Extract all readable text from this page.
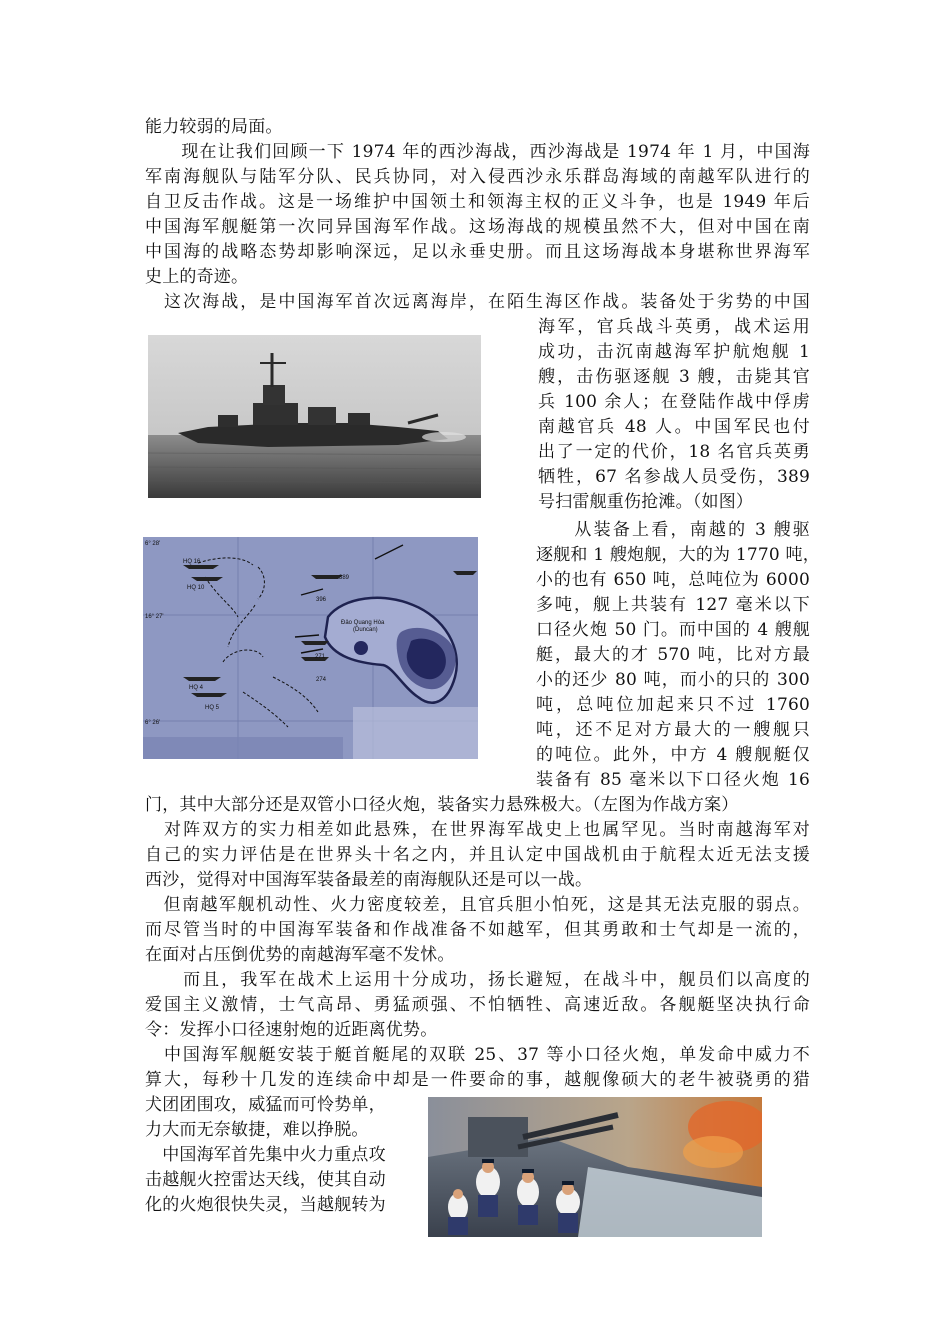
能力较弱的局面。
　　现在让我们回顾一下 1974 年的西沙海战，西沙海战是 1974 年 1 月，中国海
军南海舰队与陆军分队、民兵协同，对入侵西沙永乐群岛海域的南越军队进行的
自卫反击作战。这是一场维护中国领土和领海主权的正义斗争，也是 1949 年后
中国海军舰艇第一次同异国海军作战。这场海战的规模虽然不大，但对中国在南
中国海的战略态势却影响深远，足以永垂史册。而且这场海战本身堪称世界海军
史上的奇迹。
　这次海战，是中国海军首次远离海岸，在陌生海区作战。装备处于劣势的中国
海军，官兵战斗英勇，战术运用
成功，击沉南越海军护航炮舰 1
艘，击伤驱逐舰 3 艘，击毙其官
兵 100 余人；在登陆作战中俘虏
南越官兵 48 人。中国军民也付
出了一定的代价，18 名官兵英勇
牺牲，67 名参战人员受伤，389
号扫雷舰重伤抢滩。（如图）
Đảo Quang Hòa
(Duncan)
HQ 16
HQ 10
HQ 4
HQ 5
389
396
271
274
6° 28'
16° 27'
6° 26'
　　从装备上看，南越的 3 艘驱
逐舰和 1 艘炮舰，大的为 1770 吨，
小的也有 650 吨，总吨位为 6000
多吨，舰上共装有 127 毫米以下
口径火炮 50 门。而中国的 4 艘舰
艇，最大的才 570 吨，比对方最
小的还少 80 吨，而小的只的 300
吨，总吨位加起来只不过 1760
吨，还不足对方最大的一艘舰只
的吨位。此外，中方 4 艘舰艇仅
装备有 85 毫米以下口径火炮 16
门，其中大部分还是双管小口径火炮，装备实力悬殊极大。（左图为作战方案）
　对阵双方的实力相差如此悬殊，在世界海军战史上也属罕见。当时南越海军对
自己的实力评估是在世界头十名之内，并且认定中国战机由于航程太近无法支援
西沙，觉得对中国海军装备最差的南海舰队还是可以一战。
　但南越军舰机动性、火力密度较差，且官兵胆小怕死，这是其无法克服的弱点。
而尽管当时的中国海军装备和作战准备不如越军，但其勇敢和士气却是一流的，
在面对占压倒优势的南越海军毫不发怵。
　　而且，我军在战术上运用十分成功，扬长避短，在战斗中，舰员们以高度的
爱国主义激情，士气高昂、勇猛顽强、不怕牺牲、高速近敌。各舰艇坚决执行命
令：发挥小口径速射炮的近距离优势。
　中国海军舰艇安装于艇首艇尾的双联 25、37 等小口径火炮，单发命中威力不
算大，每秒十几发的连续命中却是一件要命的事，越舰像硕大的老牛被骁勇的猎
犬团团围攻，威猛而可怜势单，
力大而无奈敏捷，难以挣脱。
　中国海军首先集中火力重点攻
击越舰火控雷达天线，使其自动
化的火炮很快失灵，当越舰转为
